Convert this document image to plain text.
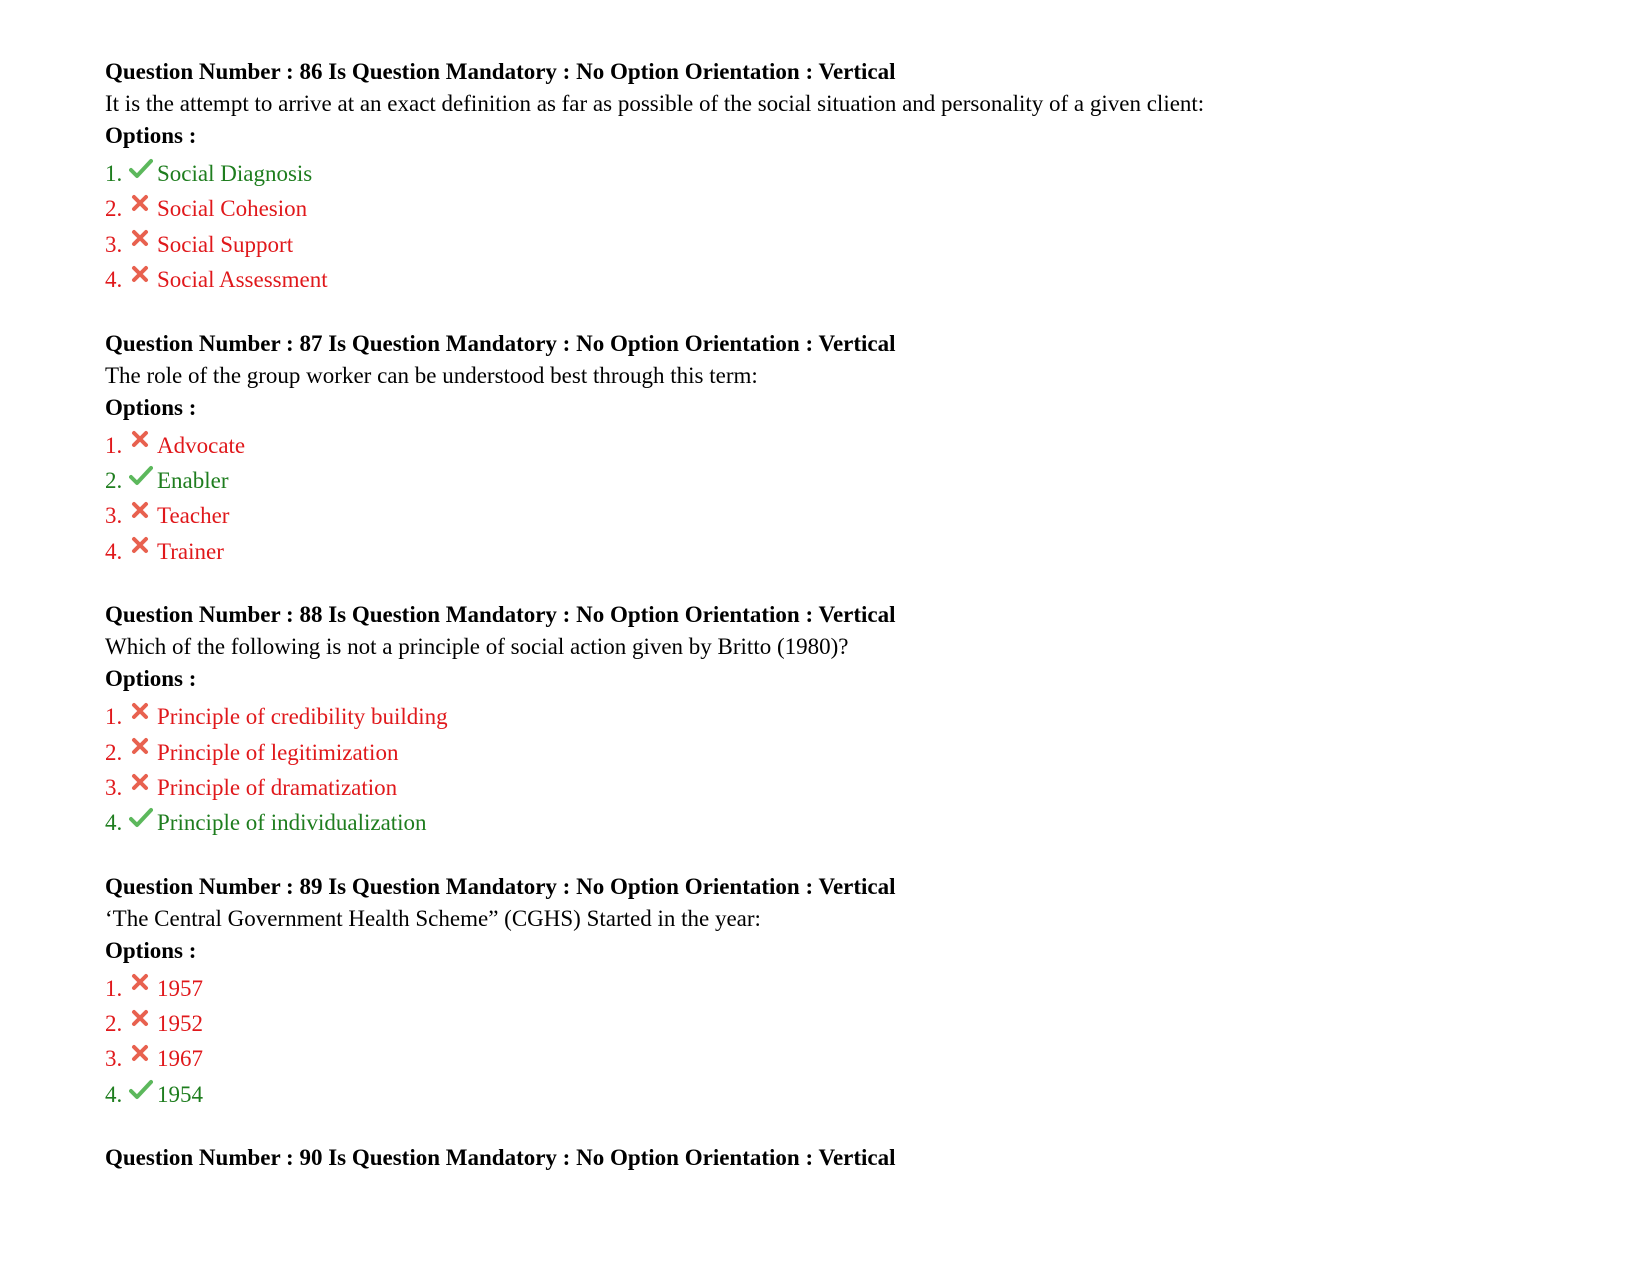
Question Number : 86 Is Question Mandatory : No Option Orientation : Vertical
It is the attempt to arrive at an exact definition as far as possible of the social situation and personality of a given client:
Options :
1. Social Diagnosis
2. Social Cohesion
3. Social Support
4. Social Assessment
Question Number : 87 Is Question Mandatory : No Option Orientation : Vertical
The role of the group worker can be understood best through this term:
Options :
1. Advocate
2. Enabler
3. Teacher
4. Trainer
Question Number : 88 Is Question Mandatory : No Option Orientation : Vertical
Which of the following is not a principle of social action given by Britto (1980)?
Options :
1. Principle of credibility building
2. Principle of legitimization
3. Principle of dramatization
4. Principle of individualization
Question Number : 89 Is Question Mandatory : No Option Orientation : Vertical
‘The Central Government Health Scheme” (CGHS) Started in the year:
Options :
1. 1957
2. 1952
3. 1967
4. 1954
Question Number : 90 Is Question Mandatory : No Option Orientation : Vertical
